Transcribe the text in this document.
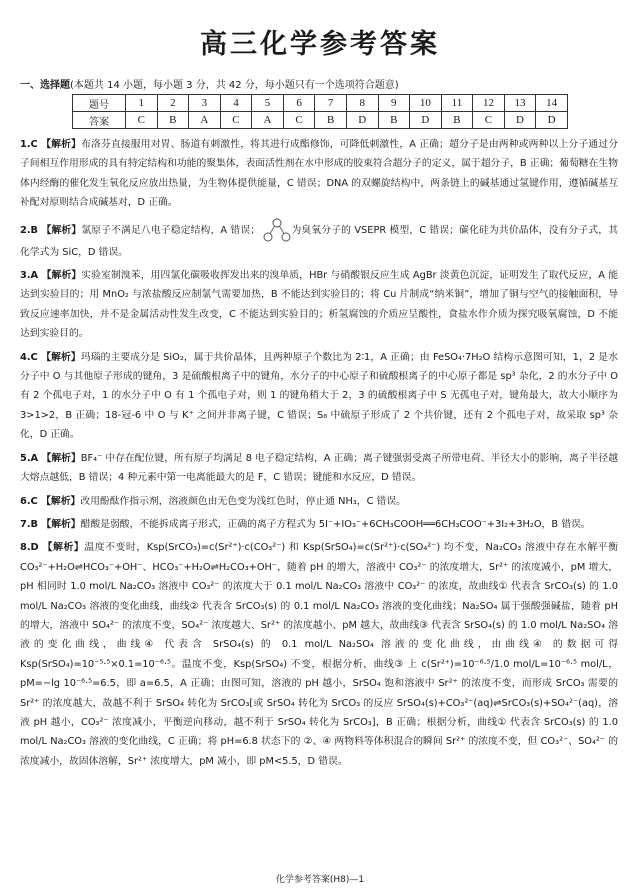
高三化学参考答案
一、选择题(本题共 14 小题，每小题 3 分，共 42 分，每小题只有一个选项符合题意)
题号	1	2	3	4	5	6	7	8	9	10	11	12	13	14
答案	C	B	A	C	A	C	B	D	B	D	B	C	D	D

1.C 【解析】布洛芬直接服用对胃、肠道有刺激性，将其进行成酯修饰，可降低刺激性，A 正确；超分子是由两种或两种以上分子通过分子间相互作用形成的具有特定结构和功能的聚集体，表面活性剂在水中形成的胶束符合超分子的定义，属于超分子，B 正确；葡萄糖在生物体内经酶的催化发生氧化反应放出热量，为生物体提供能量，C 错误；DNA 的双螺旋结构中，两条链上的碱基通过氢键作用，遵循碱基互补配对原则结合成碱基对，D 正确。

2.B 【解析】氯原子不满足八电子稳定结构，A 错误；	为臭氧分子的 VSEPR 模型，C 错误；碳化硅为共价晶体，没有分子式，其化学式为 SiC，D 错误。

3.A 【解析】实验室制溴苯，用四氯化碳吸收挥发出来的溴单质，HBr 与硝酸银反应生成 AgBr 淡黄色沉淀，证明发生了取代反应，A 能达到实验目的；用 MnO₂ 与浓盐酸反应制氯气需要加热，B 不能达到实验目的；将 Cu 片制成“纳米铜”，增加了铜与空气的接触面积，导致反应速率加快，并不是金属活动性发生改变，C 不能达到实验目的；析氢腐蚀的介质应呈酸性，食盐水作介质为探究吸氧腐蚀，D 不能达到实验目的。

4.C 【解析】玛瑙的主要成分是 SiO₂，属于共价晶体，且两种原子个数比为 2∶1，A 正确；由 FeSO₄·7H₂O 结构示意图可知，1，2 是水分子中 O 与其他原子形成的键角，3 是硫酸根离子中的键角，水分子的中心原子和硫酸根离子的中心原子都是 sp³ 杂化，2 的水分子中 O 有 2 个孤电子对，1 的水分子中 O 有 1 个孤电子对，则 1 的键角稍大于 2，3 的硫酸根离子中 S 无孤电子对，键角最大，故大小顺序为 3>1>2，B 正确；18-冠-6 中 O 与 K⁺ 之间并非离子键，C 错误；S₈ 中硫原子形成了 2 个共价键，还有 2 个孤电子对，故采取 sp³ 杂化，D 正确。

5.A 【解析】BF₄⁻ 中存在配位键，所有原子均满足 8 电子稳定结构，A 正确；离子键强弱受离子所带电荷、半径大小的影响，离子半径越大熔点越低，B 错误；4 种元素中第一电离能最大的是 F，C 错误；键能和水反应，D 错误。

6.C 【解析】改用酚酞作指示剂，溶液颜色由无色变为浅红色时，停止通 NH₃，C 错误。

7.B 【解析】醋酸是弱酸，不能拆成离子形式，正确的离子方程式为 5I⁻+IO₃⁻+6CH₃COOH══6CH₃COO⁻+3I₂+3H₂O，B 错误。

8.D 【解析】温度不变时，Ksp(SrCO₃)=c(Sr²⁺)·c(CO₃²⁻) 和 Ksp(SrSO₄)=c(Sr²⁺)·c(SO₄²⁻) 均不变，Na₂CO₃ 溶液中存在水解平衡 CO₃²⁻+H₂O⇌HCO₃⁻+OH⁻、HCO₃⁻+H₂O⇌H₂CO₃+OH⁻，随着 pH 的增大，溶液中 CO₃²⁻ 的浓度增大，Sr²⁺ 的浓度减小，pM 增大，pH 相同时 1.0 mol/L Na₂CO₃ 溶液中 CO₃²⁻ 的浓度大于 0.1 mol/L Na₂CO₃ 溶液中 CO₃²⁻ 的浓度，故曲线① 代表含 SrCO₃(s) 的 1.0 mol/L Na₂CO₃ 溶液的变化曲线，曲线② 代表含 SrCO₃(s) 的 0.1 mol/L Na₂CO₃ 溶液的变化曲线；Na₂SO₄ 属于强酸强碱盐，随着 pH 的增大，溶液中 SO₄²⁻ 的浓度不变，SO₄²⁻ 浓度越大、Sr²⁺ 的浓度越小、pM 越大，故曲线③ 代表含 SrSO₄(s) 的 1.0 mol/L Na₂SO₄ 溶液的变化曲线，曲线④ 代表含 SrSO₄(s) 的 0.1 mol/L Na₂SO₄ 溶液的变化曲线，由曲线④ 的数据可得 Ksp(SrSO₄)=10⁻⁵·⁵×0.1=10⁻⁶·⁵。温度不变，Ksp(SrSO₄) 不变，根据分析，曲线③ 上 c(Sr²⁺)=10⁻⁶·⁵/1.0 mol/L=10⁻⁶·⁵ mol/L，pM=−lg 10⁻⁶·⁵=6.5，即 a=6.5，A 正确；由图可知，溶液的 pH 越小，SrSO₄ 饱和溶液中 Sr²⁺ 的浓度不变，而形成 SrCO₃ 需要的 Sr²⁺ 的浓度越大，故越不利于 SrSO₄ 转化为 SrCO₃[或 SrSO₄ 转化为 SrCO₃ 的反应 SrSO₄(s)+CO₃²⁻(aq)⇌SrCO₃(s)+SO₄²⁻(aq)，溶液 pH 越小，CO₃²⁻ 浓度减小，平衡逆向移动，越不利于 SrSO₄ 转化为 SrCO₃]，B 正确；根据分析，曲线① 代表含 SrCO₃(s) 的 1.0 mol/L Na₂CO₃ 溶液的变化曲线，C 正确；将 pH=6.8 状态下的 ②、④ 两物料等体积混合的瞬间 Sr²⁺ 的浓度不变，但 CO₃²⁻、SO₄²⁻ 的浓度减小，故固体溶解，Sr²⁺ 浓度增大，pM 减小，即 pM<5.5，D 错误。

化学参考答案(H8)—1
